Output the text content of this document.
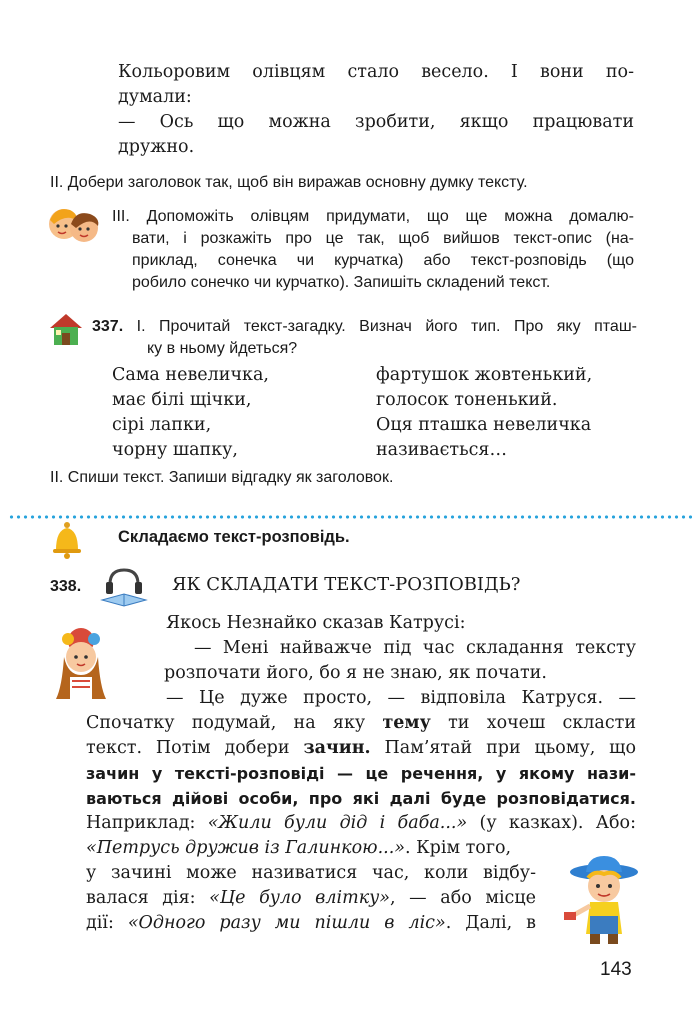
Кольоровим олівцям стало весело. І вони по-
думали:
— Ось що можна зробити, якщо працювати
дружно.
II. Добери заголовок так, щоб він виражав основну думку тексту.
III. Допоможіть олівцям придумати, що ще можна домалю-
вати, і розкажіть про це так, щоб вийшов текст-опис (на-
приклад, сонечка чи курчатка) або текст-розповідь (що
робило сонечко чи курчатко). Запишіть складений текст.
337. І. Прочитай текст-загадку. Визнач його тип. Про яку пташ-
ку в ньому йдеться?
Сама невеличка,
має білі щічки,
сірі лапки,
чорну шапку,
фартушок жовтенький,
голосок тоненький.
Оця пташка невеличка
називається…
II. Спиши текст. Запиши відгадку як заголовок.
Складаємо текст-розповідь.
338.	ЯК СКЛАДАТИ ТЕКСТ-РОЗПОВІДЬ?
Якось Незнайко сказав Катрусі:
— Мені найважче під час складання тексту
розпочати його, бо я не знаю, як почати.
— Це дуже просто, — відповіла Катруся. —
Спочатку подумай, на яку тему ти хочеш скласти
текст. Потім добери зачин. Пам’ятай при цьому, що
зачин у тексті-розповіді — це речення, у якому нази-
ваються дійові особи, про які далі буде розповідатися.
Наприклад: «Жили були дід і баба...» (у казках). Або:
«Петрусь дружив із Галинкою...». Крім того,
у зачині може називатися час, коли відбу-
валася дія: «Це було влітку», — або місце
дії: «Одного разу ми пішли в ліс». Далі, в
143
